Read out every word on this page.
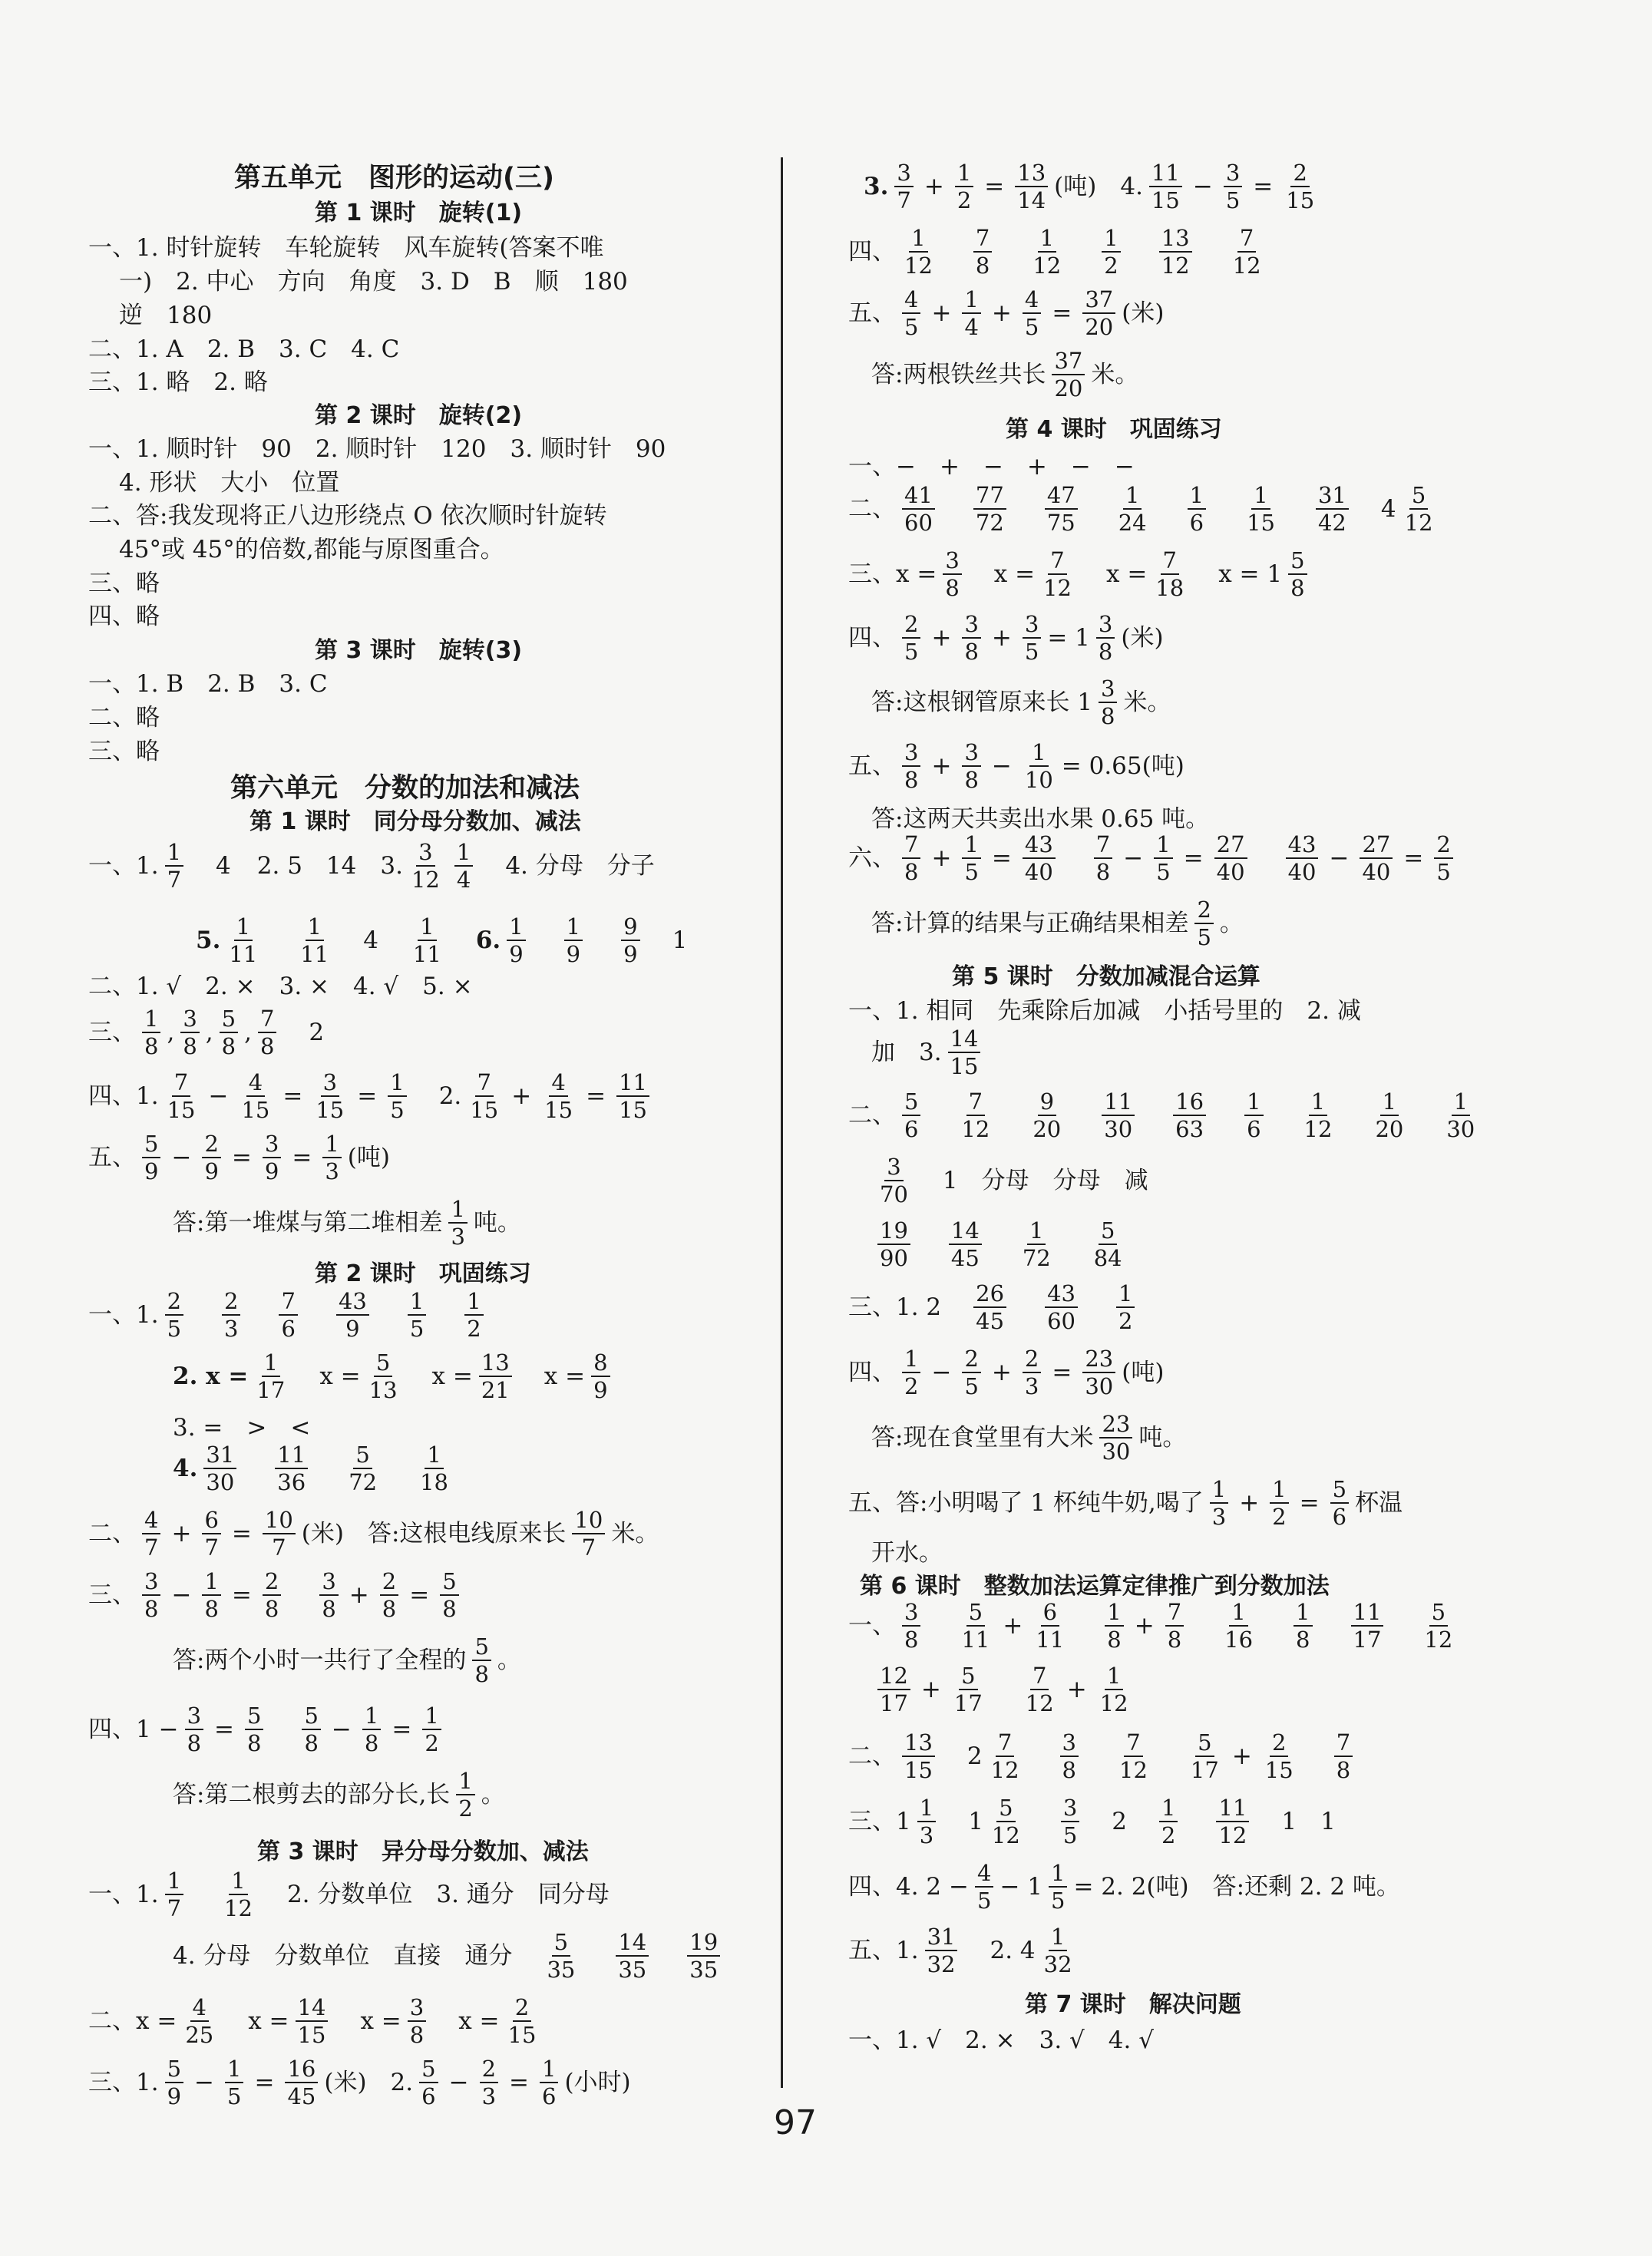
第五单元　图形的运动(三)
第 1 课时　旋转(1)
一、1. 时针旋转　车轮旋转　风车旋转(答案不唯
一)　2. 中心　方向　角度　3. D　B　顺　180
逆　180
二、1. A　2. B　3. C　4. C
三、1. 略　2. 略
第 2 课时　旋转(2)
一、1. 顺时针　90　2. 顺时针　120　3. 顺时针　90
4. 形状　大小　位置
二、答:我发现将正八边形绕点 O 依次顺时针旋转
45°或 45°的倍数,都能与原图重合。
三、略
四、略
第 3 课时　旋转(3)
一、1. B　2. B　3. C
二、略
三、略
第六单元　分数的加法和减法
第 1 课时　同分母分数加、减法
一、1. $\frac{1}{7} 4$ 2. 5　14　3. $\frac{3}{12} \frac{1}{4} 4$. 分母　分子
5. $\frac{1}{11} \frac{1}{11} 4 \frac{1}{11} 6$. $\frac{1}{9} \frac{1}{9} \frac{9}{9} 1$
二、1. √　2. ×　3. ×　4. √　5. ×
三、 $\frac{1}{8}$ , $\frac{3}{8}$ , $\frac{5}{8}$ , $\frac{7}{8} 2$
四、1. $\frac{7}{15} - \frac{4}{15} = \frac{3}{15} = \frac{1}{5} 2$. $\frac{7}{15} + \frac{4}{15} = \frac{11}{15}$
五、 $\frac{5}{9} - \frac{2}{9} = \frac{3}{9} = \frac{1}{3}$ (吨)
答:第一堆煤与第二堆相差 $\frac{1}{3}$ 吨。
第 2 课时　巩固练习
一、1. $\frac{2}{5} \frac{2}{3} \frac{7}{6} \frac{43}{9} \frac{1}{5} \frac{1}{2}$
2. $x = \frac{1}{17}$ $x = \frac{5}{13}$ $x = \frac{13}{21}$ $x = \frac{8}{9}$
3. =　>　<
4. $\frac{31}{30} \frac{11}{36} \frac{5}{72} \frac{1}{18}$
二、 $\frac{4}{7} + \frac{6}{7} = \frac{10}{7}$ (米)　答:这根电线原来长 $\frac{10}{7}$ 米。
三、 $\frac{3}{8} - \frac{1}{8} = \frac{2}{8} \frac{3}{8} + \frac{2}{8} = \frac{5}{8}$
答:两个小时一共行了全程的 $\frac{5}{8}$ 。
四、$1 - \frac{3}{8} = \frac{5}{8} \frac{5}{8} - \frac{1}{8} = \frac{1}{2}$
答:第二根剪去的部分长,长 $\frac{1}{2}$ 。
第 3 课时　异分母分数加、减法
一、1. $\frac{1}{7} \frac{1}{12} 2$. 分数单位　3. 通分　同分母
4. 分母　分数单位　直接　通分 $\frac{5}{35} \frac{14}{35} \frac{19}{35}$
二、$x = \frac{4}{25}$ $x = \frac{14}{15}$ $x = \frac{3}{8}$ $x = \frac{2}{15}$
三、1. $\frac{5}{9} - \frac{1}{5} = \frac{16}{45}$ (米)　2. $\frac{5}{6} - \frac{2}{3} = \frac{1}{6}$ (小时)
3. $\frac{3}{7} + \frac{1}{2} = \frac{13}{14}$ (吨)　4. $\frac{11}{15} - \frac{3}{5} = \frac{2}{15}$
四、 $\frac{1}{12} \frac{7}{8} \frac{1}{12} \frac{1}{2} \frac{13}{12} \frac{7}{12}$
五、 $\frac{4}{5} + \frac{1}{4} + \frac{4}{5} = \frac{37}{20}$ (米)
答:两根铁丝共长 $\frac{37}{20}$ 米。
第 4 课时　巩固练习
一、−　+　−　+　−　−
二、 $\frac{41}{60} \frac{77}{72} \frac{47}{75} \frac{1}{24} \frac{1}{6} \frac{1}{15} \frac{31}{42} 4 \frac{5}{12}$
三、$x = \frac{3}{8}$ $x = \frac{7}{12}$ $x = \frac{7}{18}$ $x = 1 \frac{5}{8}$
四、 $\frac{2}{5} + \frac{3}{8} + \frac{3}{5} = 1 \frac{3}{8}$ (米)
答:这根钢管原来长 $1 \frac{3}{8}$ 米。
五、 $\frac{3}{8} + \frac{3}{8} - \frac{1}{10} = 0.65$(吨)
答:这两天共卖出水果 0.65 吨。
六、 $\frac{7}{8} + \frac{1}{5} = \frac{43}{40} \frac{7}{8} - \frac{1}{5} = \frac{27}{40} \frac{43}{40} - \frac{27}{40} = \frac{2}{5}$
答:计算的结果与正确结果相差 $\frac{2}{5}$ 。
第 5 课时　分数加减混合运算
一、1. 相同　先乘除后加减　小括号里的　2. 减
加　3. $\frac{14}{15}$
二、 $\frac{5}{6} \frac{7}{12} \frac{9}{20} \frac{11}{30} \frac{16}{63} \frac{1}{6} \frac{1}{12} \frac{1}{20} \frac{1}{30}$
$\frac{3}{70} 1$　分母　分母　减
$\frac{19}{90} \frac{14}{45} \frac{1}{72} \frac{5}{84}$
三、1. $2 \frac{26}{45} \frac{43}{60} \frac{1}{2}$
四、 $\frac{1}{2} - \frac{2}{5} + \frac{2}{3} = \frac{23}{30}$ (吨)
答:现在食堂里有大米 $\frac{23}{30}$ 吨。
五、答:小明喝了 1 杯纯牛奶,喝了 $\frac{1}{3} + \frac{1}{2} = \frac{5}{6}$ 杯温
开水。
第 6 课时　整数加法运算定律推广到分数加法
一、 $\frac{3}{8} \frac{5}{11} + \frac{6}{11} \frac{1}{8} + \frac{7}{8} \frac{1}{16} \frac{1}{8} \frac{11}{17} \frac{5}{12}$
$\frac{12}{17} + \frac{5}{17} \frac{7}{12} + \frac{1}{12}$
二、 $\frac{13}{15} 2 \frac{7}{12} \frac{3}{8} \frac{7}{12} \frac{5}{17} + \frac{2}{15} \frac{7}{8}$
三、$1 \frac{1}{3} 1 \frac{5}{12} \frac{3}{5} 2 \frac{1}{2} \frac{11}{12} 1$　1
四、4. $2 - \frac{4}{5} - 1 \frac{1}{5} = 2$. 2(吨)　答:还剩 2. 2 吨。
五、1. $\frac{31}{32} 2$. $4 \frac{1}{32}$
第 7 课时　解决问题
一、1. √　2. ×　3. √　4. √
97
